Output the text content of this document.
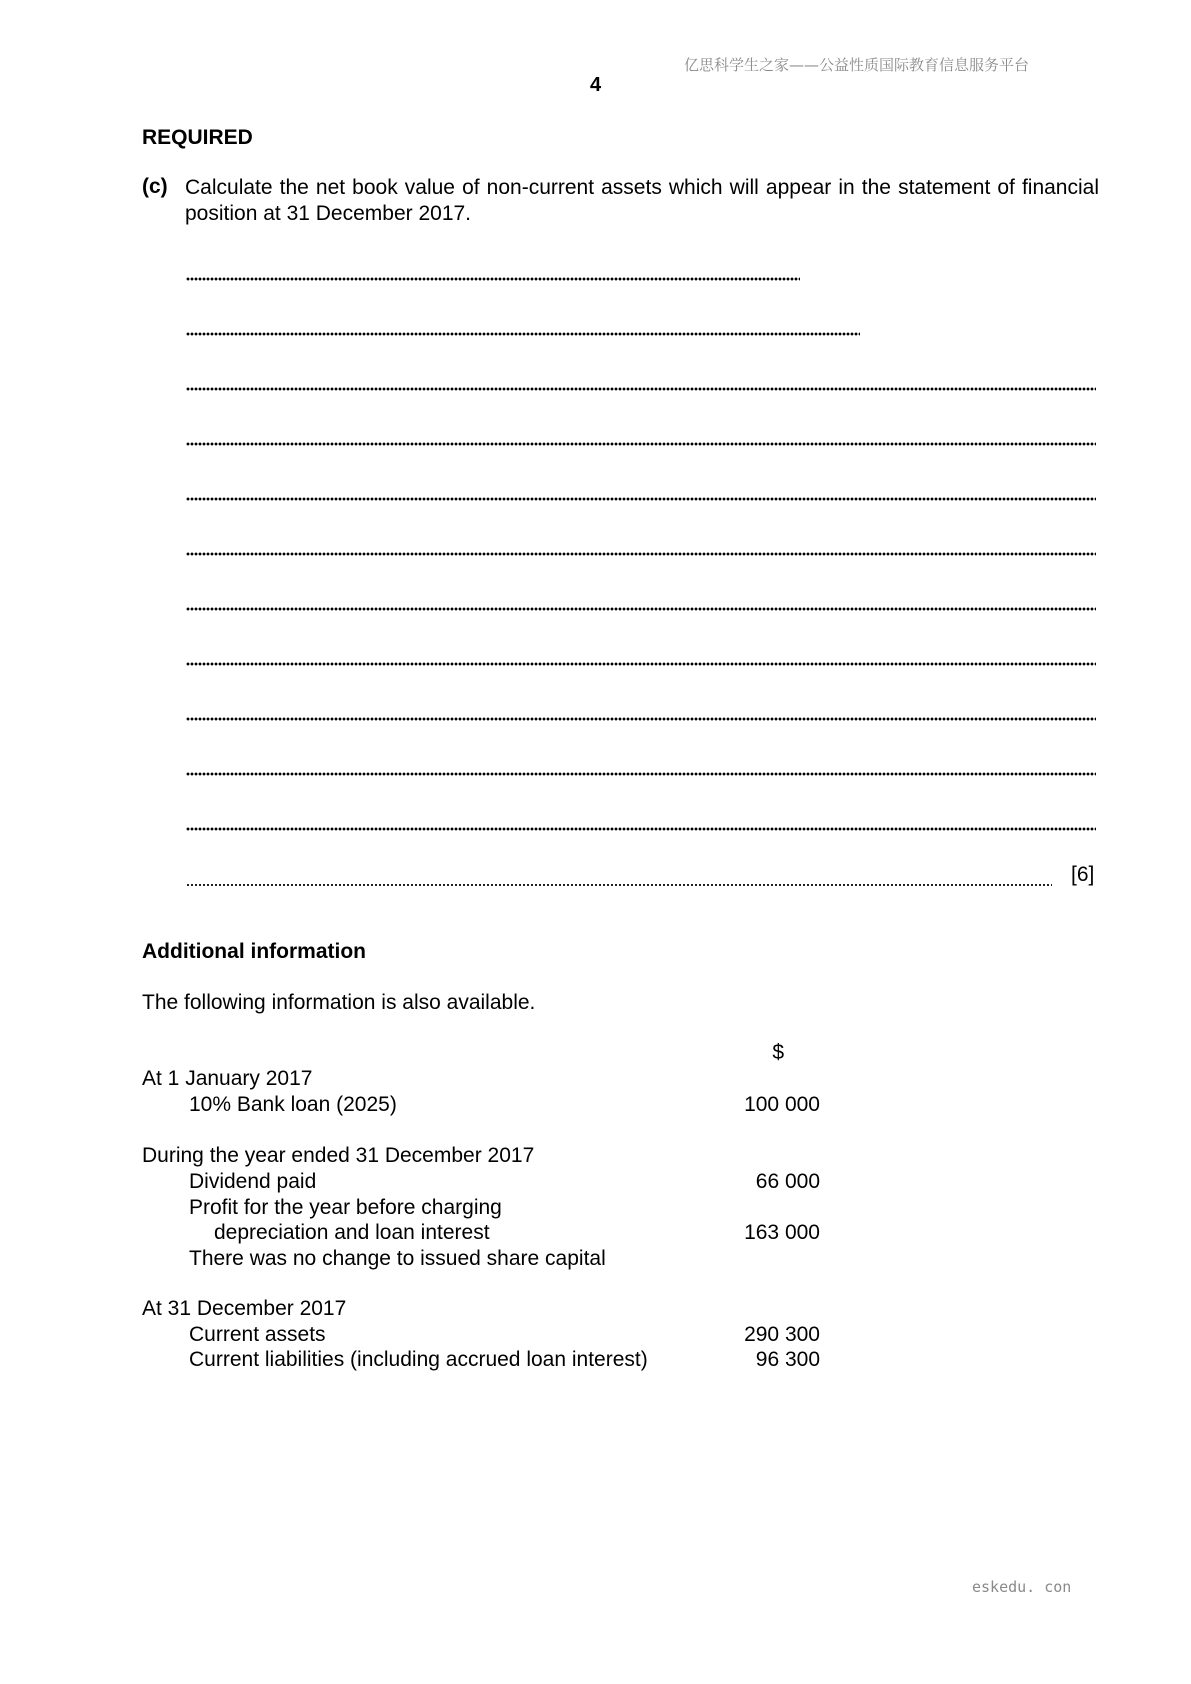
亿思科学生之家——公益性质国际教育信息服务平台
4
REQUIRED
(c) Calculate the net book value of non-current assets which will appear in the statement of financial position at 31 December 2017.
[6]
Additional information
The following information is also available.
$
At 1 January 2017
10% Bank loan (2025)	100 000
During the year ended 31 December 2017
Dividend paid	66 000
Profit for the year before charging
depreciation and loan interest	163 000
There was no change to issued share capital
At 31 December 2017
Current assets	290 300
Current liabilities (including accrued loan interest)	96 300
eskedu. con
